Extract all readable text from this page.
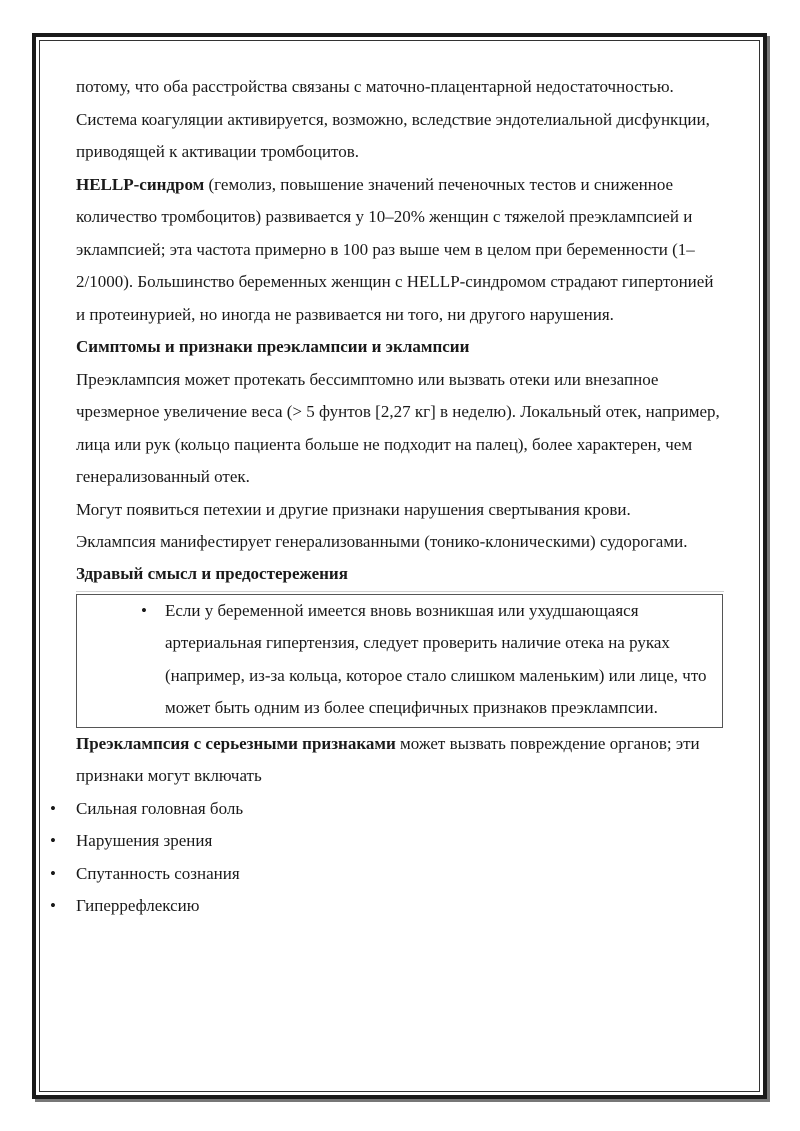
потому, что оба расстройства связаны с маточно-плацентарной недостаточностью.

Система коагуляции активируется, возможно, вследствие эндотелиальной дисфункции, приводящей к активации тромбоцитов.

HELLP-синдром (гемолиз, повышение значений печеночных тестов и сниженное количество тромбоцитов) развивается у 10–20% женщин с тяжелой преэклампсией и эклампсией; эта частота примерно в 100 раз выше чем в целом при беременности (1–2/1000). Большинство беременных женщин с HELLP-синдромом страдают гипертонией и протеинурией, но иногда не развивается ни того, ни другого нарушения.

Симптомы и признаки преэклампсии и эклампсии

Преэклампсия может протекать бессимптомно или вызвать отеки или внезапное чрезмерное увеличение веса (> 5 фунтов [2,27 кг] в неделю). Локальный отек, например, лица или рук (кольцо пациента больше не подходит на палец), более характерен, чем генерализованный отек.

Могут появиться петехии и другие признаки нарушения свертывания крови.

Эклампсия манифестирует генерализованными (тонико-клоническими) судорогами.

Здравый смысл и предостережения

• Если у беременной имеется вновь возникшая или ухудшающаяся артериальная гипертензия, следует проверить наличие отека на руках (например, из-за кольца, которое стало слишком маленьким) или лице, что может быть одним из более специфичных признаков преэклампсии.

Преэклампсия с серьезными признаками может вызвать повреждение органов; эти признаки могут включать

• Сильная головная боль
• Нарушения зрения
• Спутанность сознания
• Гиперрефлексию
